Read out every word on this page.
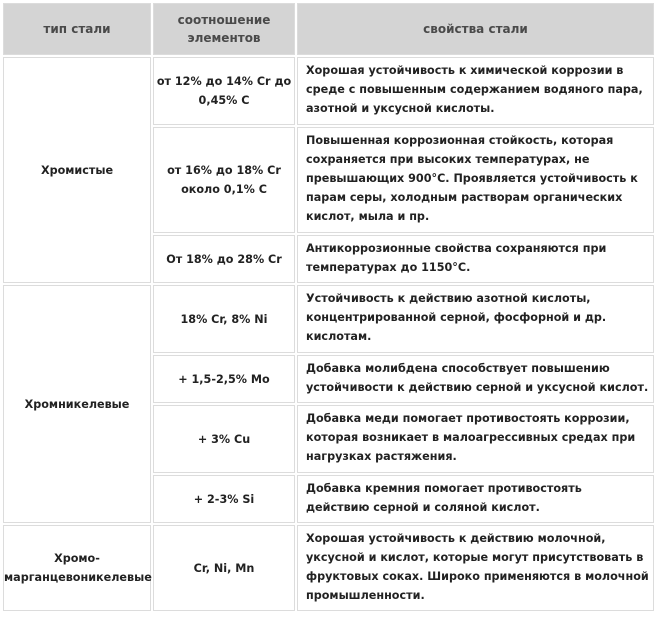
тип стали	соотношение элементов	свойства стали
Хромистые	от 12% до 14% Cr до 0,45% С	Хорошая устойчивость к химической коррозии в среде с повышенным содержанием водяного пара, азотной и уксусной кислоты.
	от 16% до 18% Cr около 0,1% С	Повышенная коррозионная стойкость, которая сохраняется при высоких температурах, не превышающих 900°С. Проявляется устойчивость к парам серы, холодным растворам органических кислот, мыла и пр.
	От 18% до 28% Cr	Антикоррозионные свойства сохраняются при температурах до 1150°С.
Хромникелевые	18% Cr, 8% Ni	Устойчивость к действию азотной кислоты, концентрированной серной, фосфорной и др. кислотам.
	+ 1,5-2,5% Mo	Добавка молибдена способствует повышению устойчивости к действию серной и уксусной кислот.
	+ 3% Cu	Добавка меди помогает противостоять коррозии, которая возникает в малоагрессивных средах при нагрузках растяжения.
	+ 2-3% Si	Добавка кремния помогает противостоять действию серной и соляной кислот.
Хромо-марганцевоникелевые	Cr, Ni, Mn	Хорошая устойчивость к действию молочной, уксусной и кислот, которые могут присутствовать в фруктовых соках. Широко применяются в молочной промышленности.
